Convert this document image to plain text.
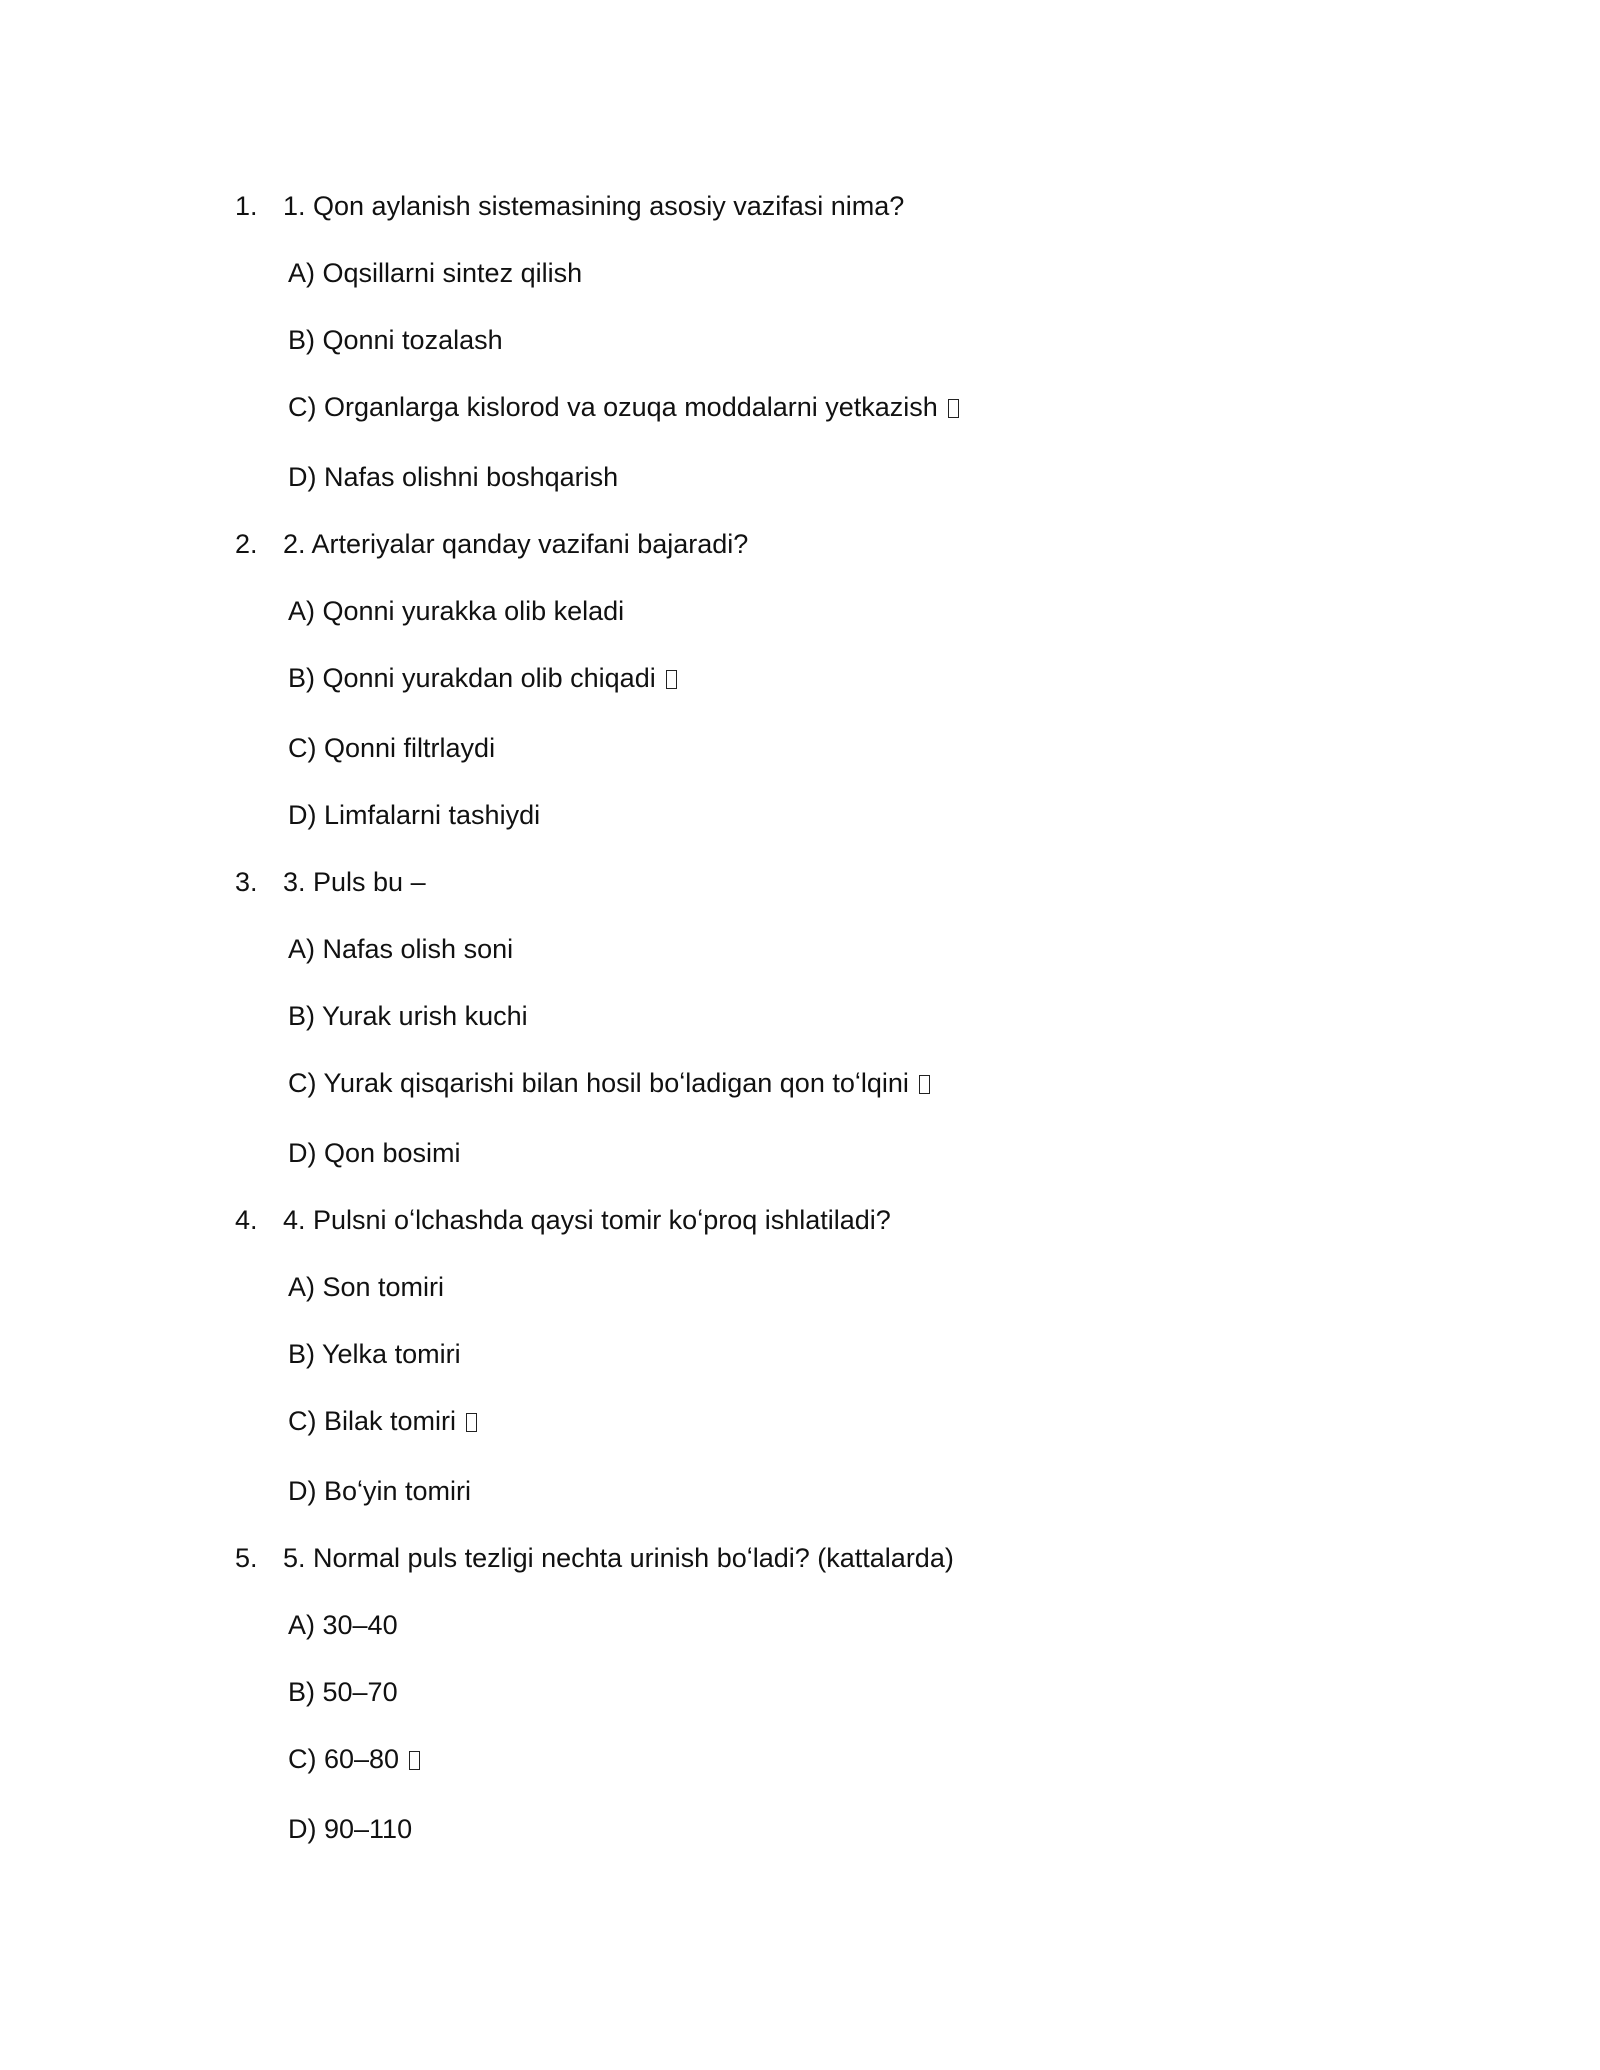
1. 1. Qon aylanish sistemasining asosiy vazifasi nima?
A) Oqsillarni sintez qilish
B) Qonni tozalash
C) Organlarga kislorod va ozuqa moddalarni yetkazish
D) Nafas olishni boshqarish
2. 2. Arteriyalar qanday vazifani bajaradi?
A) Qonni yurakka olib keladi
B) Qonni yurakdan olib chiqadi
C) Qonni filtrlaydi
D) Limfalarni tashiydi
3. 3. Puls bu –
A) Nafas olish soni
B) Yurak urish kuchi
C) Yurak qisqarishi bilan hosil boʻladigan qon toʻlqini
D) Qon bosimi
4. 4. Pulsni oʻlchashda qaysi tomir koʻproq ishlatiladi?
A) Son tomiri
B) Yelka tomiri
C) Bilak tomiri
D) Boʻyin tomiri
5. 5. Normal puls tezligi nechta urinish boʻladi? (kattalarda)
A) 30–40
B) 50–70
C) 60–80
D) 90–110
